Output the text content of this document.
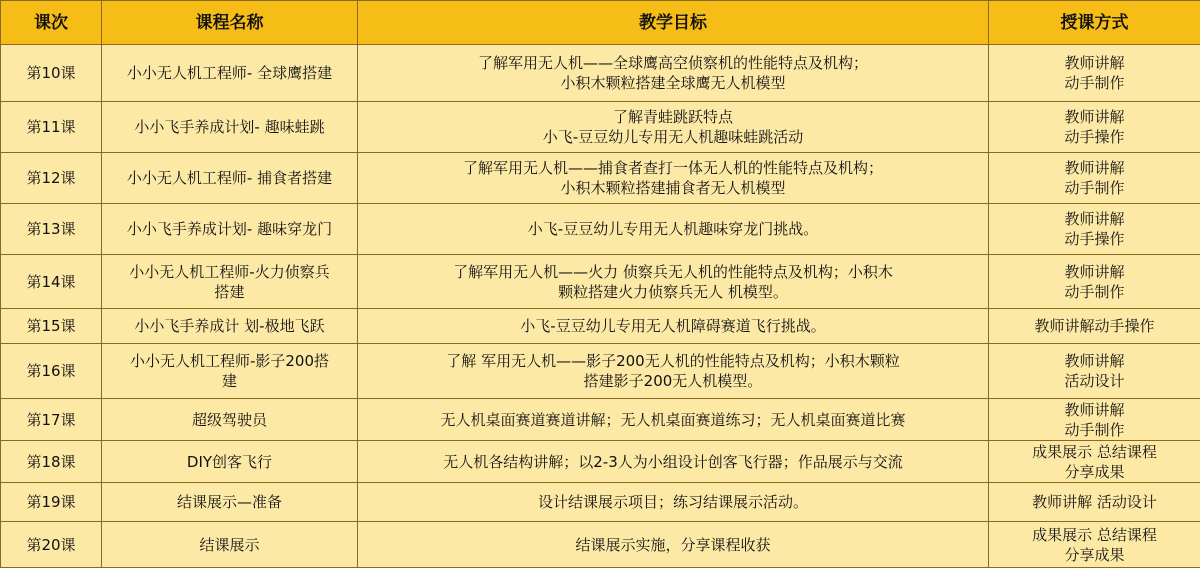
课次	课程名称	教学目标	授课方式
第10课	小小无人机工程师- 全球鹰搭建	了解军用无人机——全球鹰高空侦察机的性能特点及机构；
小积木颗粒搭建全球鹰无人机模型	教师讲解
动手制作

第11课	小小飞手养成计划- 趣味蛙跳	了解青蛙跳跃特点
小飞-豆豆幼儿专用无人机趣味蛙跳活动	教师讲解
动手操作

第12课	小小无人机工程师- 捕食者搭建	了解军用无人机——捕食者查打一体无人机的性能特点及机构；
小积木颗粒搭建捕食者无人机模型	教师讲解
动手制作

第13课	小小飞手养成计划- 趣味穿龙门	小飞-豆豆幼儿专用无人机趣味穿龙门挑战。	教师讲解
动手操作

第14课	小小无人机工程师-火力侦察兵
搭建	了解军用无人机——火力 侦察兵无人机的性能特点及机构；小积木
颗粒搭建火力侦察兵无人 机模型。	教师讲解
动手制作

第15课	小小飞手养成计 划-极地飞跃	小飞-豆豆幼儿专用无人机障碍赛道飞行挑战。	教师讲解动手操作

第16课	小小无人机工程师-影子200搭
建	了解 军用无人机——影子200无人机的性能特点及机构；小积木颗粒
搭建影子200无人机模型。	教师讲解
活动设计

第17课	超级驾驶员	无人机桌面赛道赛道讲解；无人机桌面赛道练习；无人机桌面赛道比赛	教师讲解
动手制作

第18课	DIY创客飞行	无人机各结构讲解；以2-3人为小组设计创客飞行器；作品展示与交流	成果展示 总结课程
分享成果

第19课	结课展示—准备	设计结课展示项目；练习结课展示活动。	教师讲解 活动设计

第20课	结课展示	结课展示实施，分享课程收获	成果展示 总结课程
分享成果
